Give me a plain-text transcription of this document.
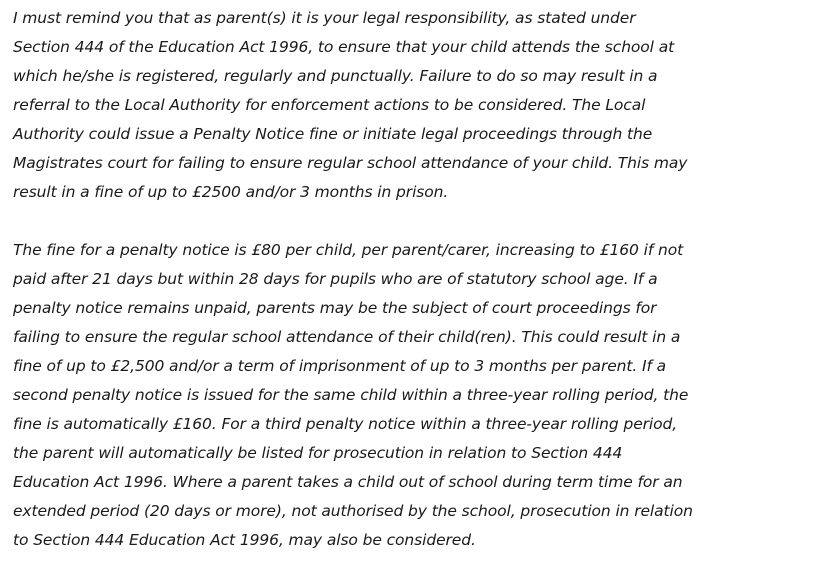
I must remind you that as parent(s) it is your legal responsibility, as stated under
Section 444 of the Education Act 1996, to ensure that your child attends the school at
which he/she is registered, regularly and punctually. Failure to do so may result in a
referral to the Local Authority for enforcement actions to be considered. The Local
Authority could issue a Penalty Notice fine or initiate legal proceedings through the
Magistrates court for failing to ensure regular school attendance of your child. This may
result in a fine of up to £2500 and/or 3 months in prison.

The fine for a penalty notice is £80 per child, per parent/carer, increasing to £160 if not
paid after 21 days but within 28 days for pupils who are of statutory school age. If a
penalty notice remains unpaid, parents may be the subject of court proceedings for
failing to ensure the regular school attendance of their child(ren). This could result in a
fine of up to £2,500 and/or a term of imprisonment of up to 3 months per parent. If a
second penalty notice is issued for the same child within a three-year rolling period, the
fine is automatically £160. For a third penalty notice within a three-year rolling period,
the parent will automatically be listed for prosecution in relation to Section 444
Education Act 1996. Where a parent takes a child out of school during term time for an
extended period (20 days or more), not authorised by the school, prosecution in relation
to Section 444 Education Act 1996, may also be considered.
